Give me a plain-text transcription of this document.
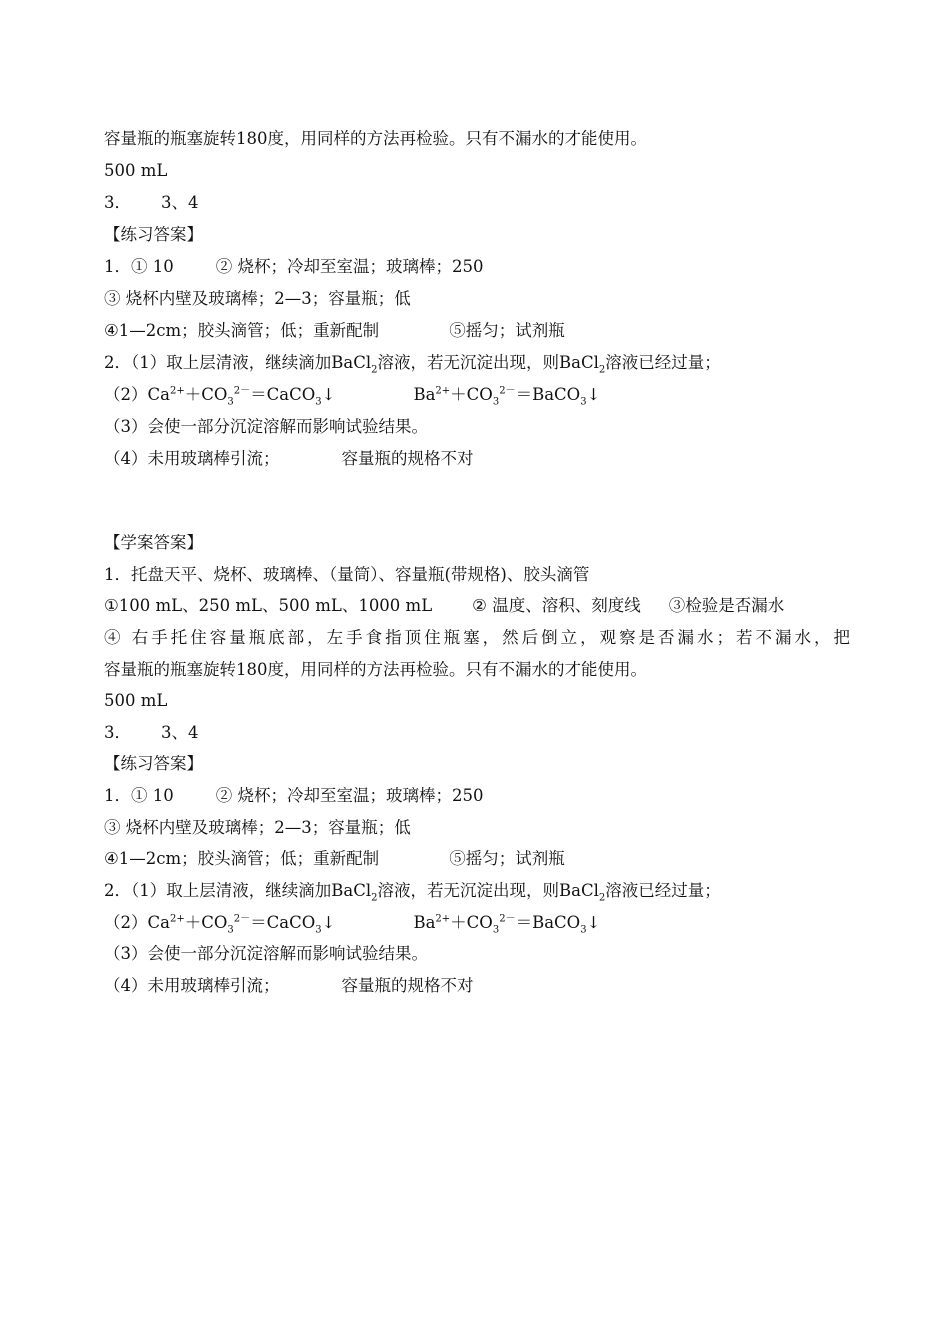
容量瓶的瓶塞旋转180度，用同样的方法再检验。只有不漏水的才能使用。
500 mL
3． 3、4
【练习答案】
1．① 10	② 烧杯；冷却至室温；玻璃棒；250
③ 烧杯内壁及玻璃棒；2—3；容量瓶；低
④1—2cm；胶头滴管；低；重新配制	⑤摇匀；试剂瓶
2．（1）取上层清液，继续滴加BaCl$_2$溶液，若无沉淀出现，则BaCl$_2$溶液已经过量；
$(2)Ca^{2+}+CO_3^{2-}=CaCO_3↓$	$Ba^{2+}+CO_3^{2-}=BaCO_3↓$
（3）会使一部分沉淀溶解而影响试验结果。
（4）未用玻璃棒引流；	容量瓶的规格不对
【学案答案】
1．托盘天平、烧杯、玻璃棒、（量筒）、容量瓶(带规格)、胶头滴管
①100 mL、250 mL、500 mL、1000 mL ② 温度、溶积、刻度线 ③检验是否漏水
④ 右手托住容量瓶底部，左手食指顶住瓶塞，然后倒立，观察是否漏水；若不漏水，把
容量瓶的瓶塞旋转180度，用同样的方法再检验。只有不漏水的才能使用。
500 mL
3． 3、4
【练习答案】
1．① 10	② 烧杯；冷却至室温；玻璃棒；250
③ 烧杯内壁及玻璃棒；2—3；容量瓶；低
④1—2cm；胶头滴管；低；重新配制	⑤摇匀；试剂瓶
2．（1）取上层清液，继续滴加BaCl$_2$溶液，若无沉淀出现，则BaCl$_2$溶液已经过量；
$(2)Ca^{2+}+CO_3^{2-}=CaCO_3↓$	$Ba^{2+}+CO_3^{2-}=BaCO_3↓$
（3）会使一部分沉淀溶解而影响试验结果。
（4）未用玻璃棒引流；	容量瓶的规格不对
